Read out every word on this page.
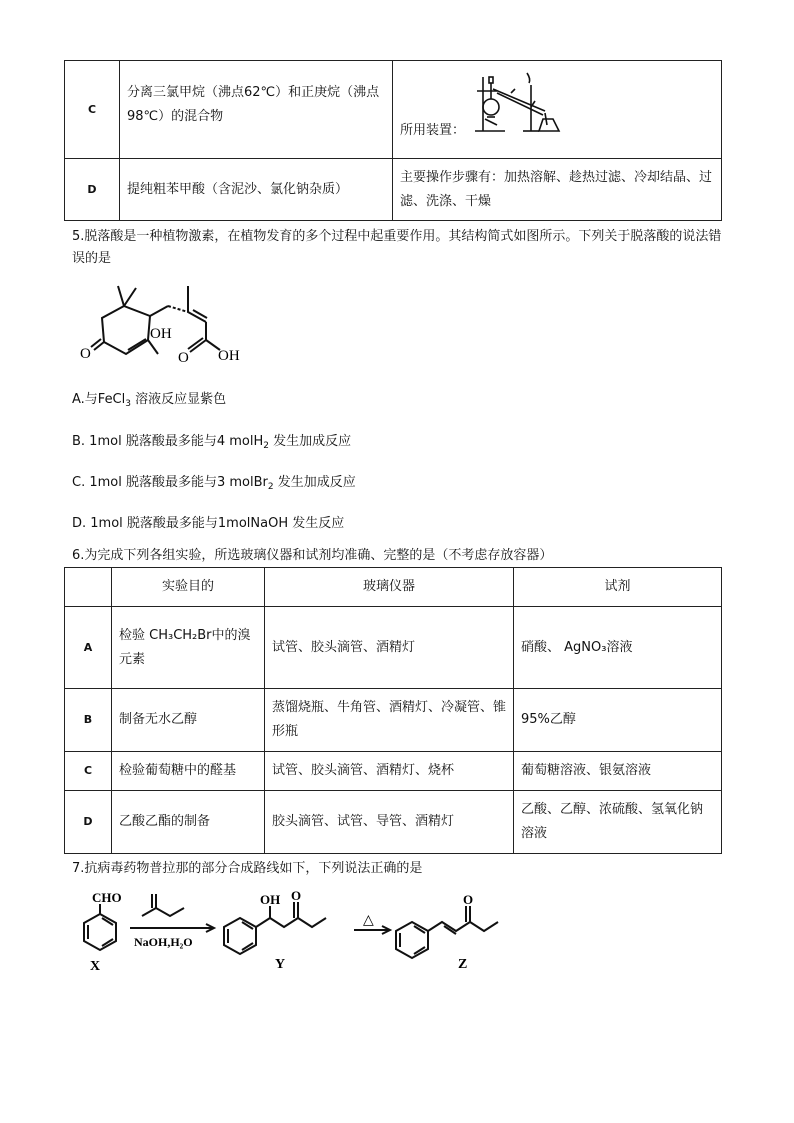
C	分离三氯甲烷（沸点62℃）和正庚烷（沸点98℃）的混合物	所用装置：

D	提纯粗苯甲酸（含泥沙、氯化钠杂质）	主要操作步骤有：加热溶解、趁热过滤、冷却结晶、过滤、洗涤、干燥
5.脱落酸是一种植物激素，在植物发育的多个过程中起重要作用。其结构简式如图所示。下列关于脱落酸的说法错误的是
OH
O	O OH
A.与FeCl$_3$ 溶液反应显紫色
B. 1mol 脱落酸最多能与4 molH$_2$ 发生加成反应
C. 1mol 脱落酸最多能与3 molBr$_2$ 发生加成反应
D. 1mol 脱落酸最多能与1molNaOH 发生反应
6.为完成下列各组实验，所选玻璃仪器和试剂均准确、完整的是（不考虑存放容器）
	实验目的	玻璃仪器	试剂
A	检验 CH₃CH₂Br中的溴元素	试管、胶头滴管、酒精灯	硝酸、 AgNO₃溶液
B	制备无水乙醇	蒸馏烧瓶、牛角管、酒精灯、冷凝管、锥形瓶	95%乙醇
C	检验葡萄糖中的醛基	试管、胶头滴管、酒精灯、烧杯	葡萄糖溶液、银氨溶液
D	乙酸乙酯的制备	胶头滴管、试管、导管、酒精灯	乙酸、乙醇、浓硫酸、氢氧化钠溶液
7.抗病毒药物普拉那的部分合成路线如下，下列说法正确的是
CHO
X
NaOH,H₂O
OH O
Y
△
O
Z
